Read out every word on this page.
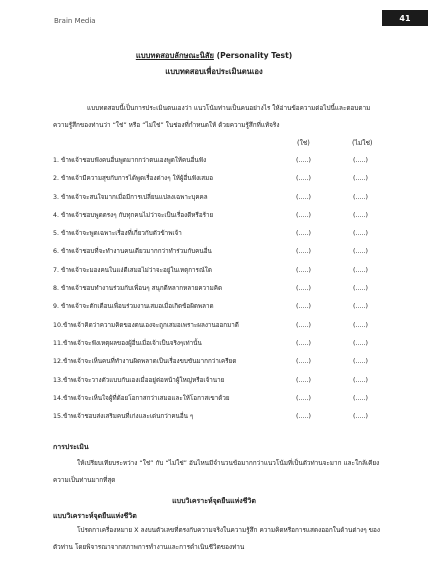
Brain Media	41
แบบทดสอบลักษณะนิสัย (Personality Test)
แบบทดสอบเพื่อประเมินตนเอง
แบบทดสอบนี้เป็นการประเมินตนเองว่า แนวโน้มท่านเป็นคนอย่างไร ให้อ่านข้อความต่อไปนี้และตอบตามความรู้สึกของท่านว่า “ใช่” หรือ “ไม่ใช่” ในช่องที่กำหนดให้ ด้วยความรู้สึกที่แท้จริง
(ใช่)	(ไม่ใช่)
1. ข้าพเจ้าชอบฟังคนอื่นพูดมากกว่าตนเองพูดให้คนอื่นฟัง	(.....)	(.....)
2. ข้าพเจ้ามีความสุขกับการได้พูดเรื่องต่างๆ ให้ผู้อื่นฟังเสมอ	(.....)	(.....)
3. ข้าพเจ้าจะสนใจมากเมื่อมีการเปลี่ยนแปลงเฉพาะบุคคล	(.....)	(.....)
4. ข้าพเจ้าชอบพูดตรงๆ กับทุกคนไม่ว่าจะเป็นเรื่องดีหรือร้าย	(.....)	(.....)
5. ข้าพเจ้าจะพูดเฉพาะเรื่องที่เกี่ยวกับตัวข้าพเจ้า	(.....)	(.....)
6. ข้าพเจ้าชอบที่จะทำงานคนเดียวมากกว่าทำร่วมกับคนอื่น	(.....)	(.....)
7. ข้าพเจ้าจะมองคนในแง่ดีเสมอไม่ว่าจะอยู่ในเหตุการณ์ใด	(.....)	(.....)
8. ข้าพเจ้าชอบทำงานร่วมกับเพื่อนๆ สนุกดีหลากหลายความคิด	(.....)	(.....)
9. ข้าพเจ้าจะตักเตือนเพื่อนร่วมงานเสมอเมื่อเกิดข้อผิดพลาด	(.....)	(.....)
10.ข้าพเจ้าคิดว่าความคิดของตนเองจะถูกเสมอเพราะผลงานออกมาดี	(.....)	(.....)
11.ข้าพเจ้าจะฟังเหตุผลของผู้อื่นเมื่อเจ้าเป็นจริงๆเท่านั้น	(.....)	(.....)
12.ข้าพเจ้าจะเห็นคนที่ทำงานผิดพลาดเป็นเรื่องขบขันมากกว่าเครียด	(.....)	(.....)
13.ข้าพเจ้าจะวางตัวแบบกันเองเมื่ออยู่ต่อหน้าผู้ใหญ่หรือเจ้านาย	(.....)	(.....)
14.ข้าพเจ้าจะเห็นใจผู้ที่ด้อยโอกาสกว่าเสมอและให้โอกาสเขาด้วย	(.....)	(.....)
15.ข้าพเจ้าชอบส่งเสริมคนที่เก่งและเด่นกว่าคนอื่น ๆ	(.....)	(.....)
การประเมิน
ให้เปรียบเทียบระหว่าง “ใช่” กับ “ไม่ใช่” อันไหนมีจำนวนข้อมากกว่าแนวโน้มที่เป็นตัวท่านจะมาก และใกล้เคียงความเป็นท่านมากที่สุด
แบบวิเคราะห์จุดยืนแห่งชีวิต
แบบวิเคราะห์จุดยืนแห่งชีวิต
โปรดกาเครื่องหมาย X ลงบนตัวเลขที่ตรงกับความจริงในความรู้สึก ความคิดหรือการแสดงออกในด้านต่างๆ ของตัวท่าน โดยพิจารณาจากสภาพการทำงานและการดำเนินชีวิตของท่าน
